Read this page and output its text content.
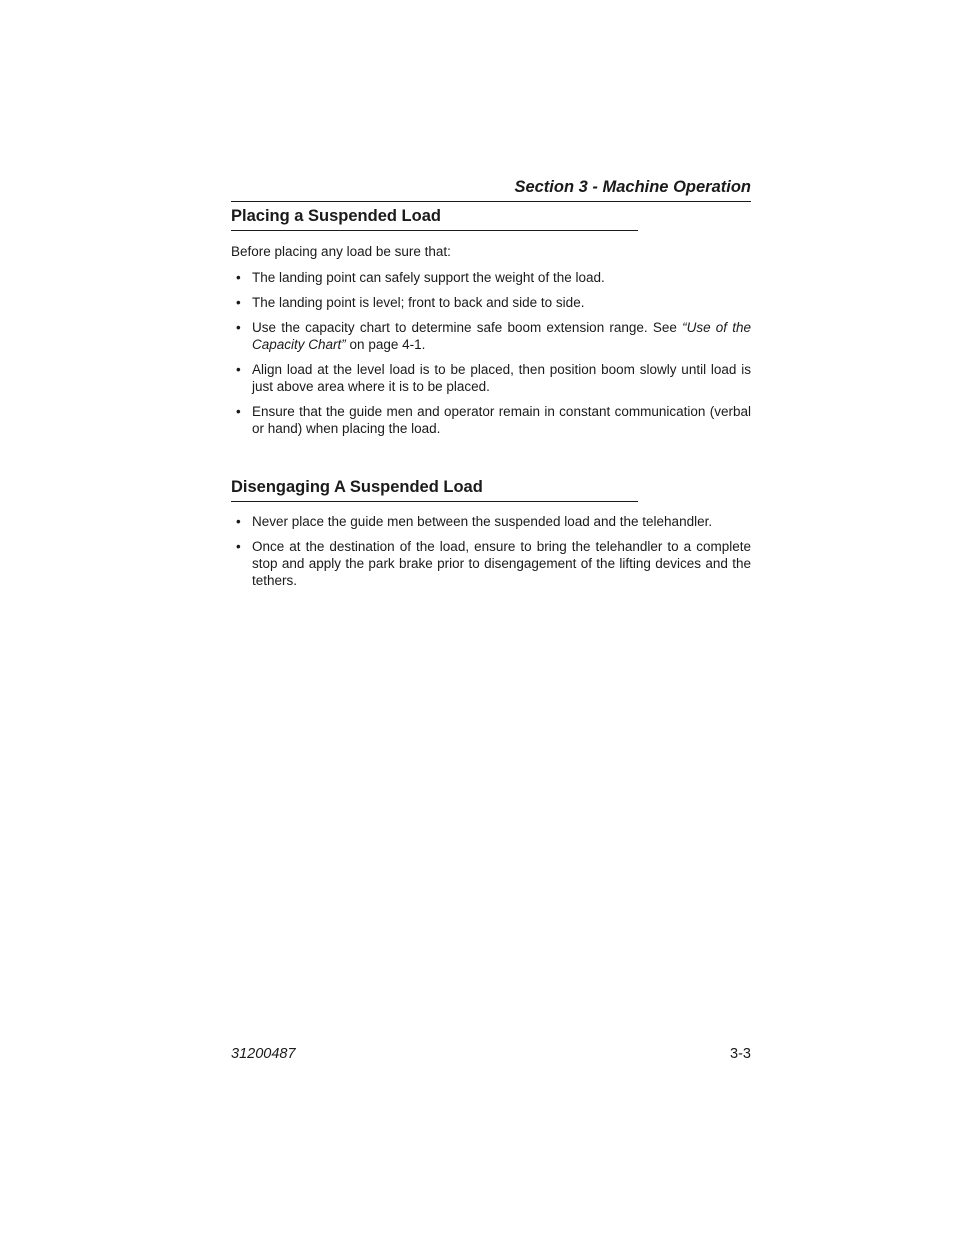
Section 3 - Machine Operation
Placing a Suspended Load
Before placing any load be sure that:
• The landing point can safely support the weight of the load.
• The landing point is level; front to back and side to side.
• Use the capacity chart to determine safe boom extension range. See “Use of the Capacity Chart” on page 4-1.
• Align load at the level load is to be placed, then position boom slowly until load is just above area where it is to be placed.
• Ensure that the guide men and operator remain in constant communication (verbal or hand) when placing the load.
Disengaging A Suspended Load
• Never place the guide men between the suspended load and the telehandler.
• Once at the destination of the load, ensure to bring the telehandler to a complete stop and apply the park brake prior to disengagement of the lifting devices and the tethers.
31200487	3-3
